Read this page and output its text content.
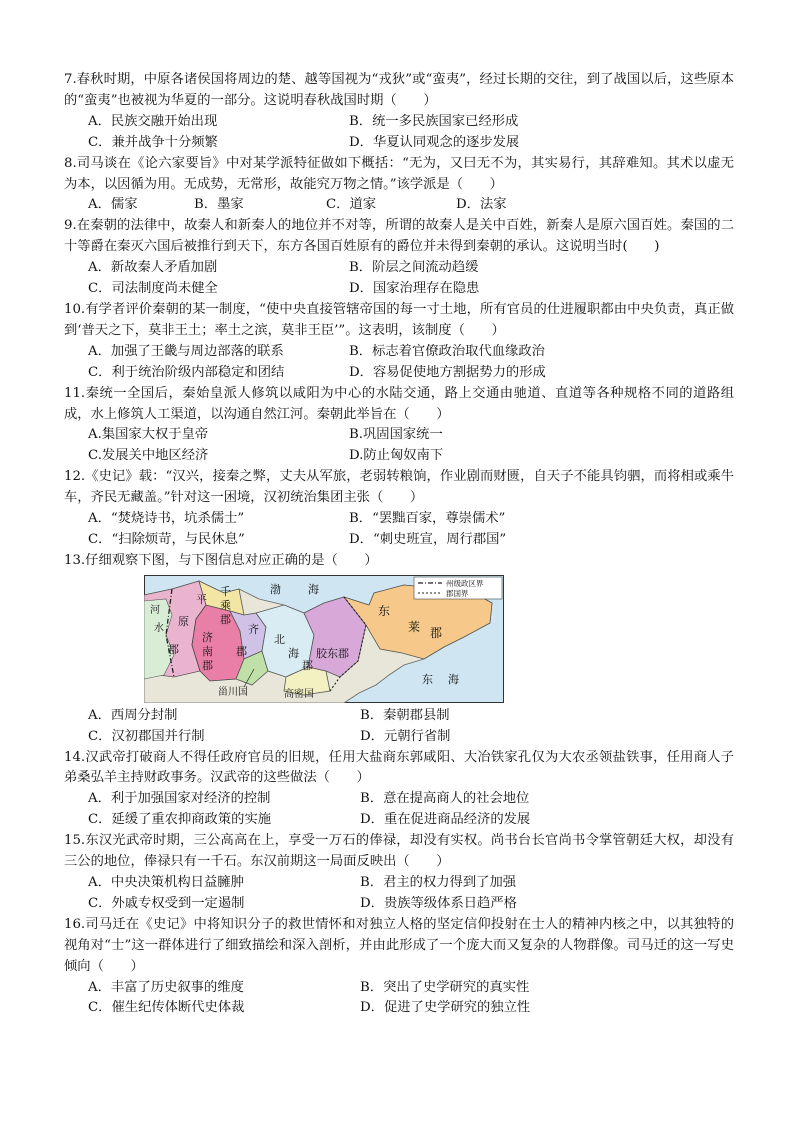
7.春秋时期，中原各诸侯国将周边的楚、越等国视为“戎狄”或“蛮夷”，经过长期的交往，到了战国以后，这些原本的“蛮夷”也被视为华夏的一部分。这说明春秋战国时期（　　）
A．民族交融开始出现	B．统一多民族国家已经形成
C．兼并战争十分频繁	D．华夏认同观念的逐步发展
8.司马谈在《论六家要旨》中对某学派特征做如下概括：“无为，又曰无不为，其实易行，其辞难知。其术以虚无为本，以因循为用。无成势，无常形，故能究万物之情。”该学派是（　　）
A．儒家	B．墨家	C．道家	D．法家
9.在秦朝的法律中，故秦人和新秦人的地位并不对等，所谓的故秦人是关中百姓，新秦人是原六国百姓。秦国的二十等爵在秦灭六国后被推行到天下，东方各国百姓原有的爵位并未得到秦朝的承认。这说明当时(　　)
A．新故秦人矛盾加剧	B．阶层之间流动趋缓
C．司法制度尚未健全	D．国家治理存在隐患
10.有学者评价秦朝的某一制度，“使中央直接管辖帝国的每一寸土地，所有官员的仕进履职都由中央负责，真正做到‘普天之下，莫非王土；率土之滨，莫非王臣’”。这表明，该制度（　　）
A．加强了王畿与周边部落的联系	B．标志着官僚政治取代血缘政治
C．利于统治阶级内部稳定和团结	D．容易促使地方割据势力的形成
11.秦统一全国后，秦始皇派人修筑以咸阳为中心的水陆交通，路上交通由驰道、直道等各种规格不同的道路组成，水上修筑人工渠道，以沟通自然江河。秦朝此举旨在（　　）
A.集国家大权于皇帝	B.巩固国家统一
C.发展关中地区经济	D.防止匈奴南下
12.《史记》载：“汉兴，接秦之弊，丈夫从军旅，老弱转粮饷，作业剧而财匮，自天子不能具钧驷，而将相或乘牛车，齐民无藏盖。”针对这一困境，汉初统治集团主张（　　）
A．“焚烧诗书，坑杀儒士”	B．“罢黜百家，尊崇儒术”
C．“扫除烦苛，与民休息”	D．“刺史班宣，周行郡国”
13.仔细观察下图，与下图信息对应正确的是（　　）
州级政区界
郡国界
渤 海
东 海
河
水
平
原
郡
千
乘
郡
济
南
郡
齐
郡
北
海
郡
胶东郡
东
莱 郡
甾川国	高密国
A．西周分封制	B．秦朝郡县制
C．汉初郡国并行制	D．元朝行省制
14.汉武帝打破商人不得任政府官员的旧规，任用大盐商东郭咸阳、大冶铁家孔仅为大农丞领盐铁事，任用商人子弟桑弘羊主持财政事务。汉武帝的这些做法（　　）
A．利于加强国家对经济的控制	B．意在提高商人的社会地位
C．延缓了重农抑商政策的实施	D．重在促进商品经济的发展
15.东汉光武帝时期，三公高高在上，享受一万石的俸禄，却没有实权。尚书台长官尚书令掌管朝廷大权，却没有三公的地位，俸禄只有一千石。东汉前期这一局面反映出（　　）
A．中央决策机构日益臃肿	B．君主的权力得到了加强
C．外戚专权受到一定遏制	D．贵族等级体系日趋严格
16.司马迁在《史记》中将知识分子的救世情怀和对独立人格的坚定信仰投射在士人的精神内核之中，以其独特的视角对“士”这一群体进行了细致描绘和深入剖析，并由此形成了一个庞大而又复杂的人物群像。司马迁的这一写史倾向（　　）
A．丰富了历史叙事的维度	B．突出了史学研究的真实性
C．催生纪传体断代史体裁	D．促进了史学研究的独立性
